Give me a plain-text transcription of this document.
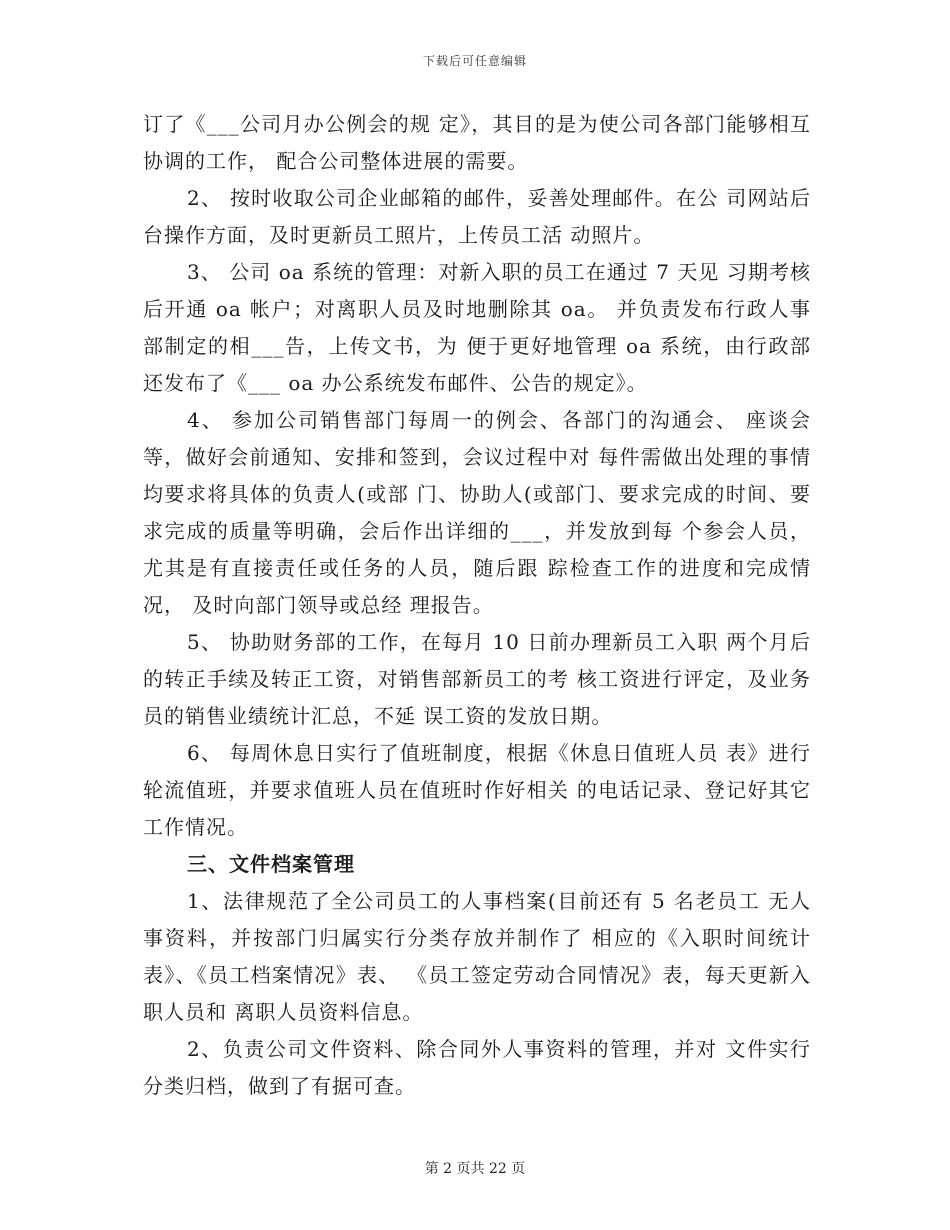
下载后可任意编辑

订了《___公司月办公例会的规 定》，其目的是为使公司各部门能够相互协调的工作， 配合公司整体进展的需要。

2、 按时收取公司企业邮箱的邮件，妥善处理邮件。在公 司网站后台操作方面，及时更新员工照片，上传员工活 动照片。

3、 公司 oa 系统的管理：对新入职的员工在通过 7 天见 习期考核后开通 oa 帐户；对离职人员及时地删除其 oa。 并负责发布行政人事部制定的相___告，上传文书，为 便于更好地管理 oa 系统，由行政部还发布了《___ oa 办公系统发布邮件、公告的规定》。

4、 参加公司销售部门每周一的例会、各部门的沟通会、 座谈会等，做好会前通知、安排和签到，会议过程中对 每件需做出处理的事情均要求将具体的负责人(或部 门、协助人(或部门、要求完成的时间、要求完成的质量等明确，会后作出详细的___，并发放到每 个参会人员，尤其是有直接责任或任务的人员，随后跟 踪检查工作的进度和完成情况， 及时向部门领导或总经 理报告。

5、 协助财务部的工作，在每月 10 日前办理新员工入职 两个月后的转正手续及转正工资，对销售部新员工的考 核工资进行评定，及业务员的销售业绩统计汇总，不延 误工资的发放日期。

6、 每周休息日实行了值班制度，根据《休息日值班人员 表》进行轮流值班，并要求值班人员在值班时作好相关 的电话记录、登记好其它工作情况。

三、文件档案管理

1、法律规范了全公司员工的人事档案(目前还有 5 名老员工 无人事资料，并按部门归属实行分类存放并制作了 相应的《入职时间统计表》、《员工档案情况》表、 《员工签定劳动合同情况》表，每天更新入职人员和 离职人员资料信息。

2、负责公司文件资料、除合同外人事资料的管理，并对 文件实行分类归档，做到了有据可查。

第 2 页共 22 页
